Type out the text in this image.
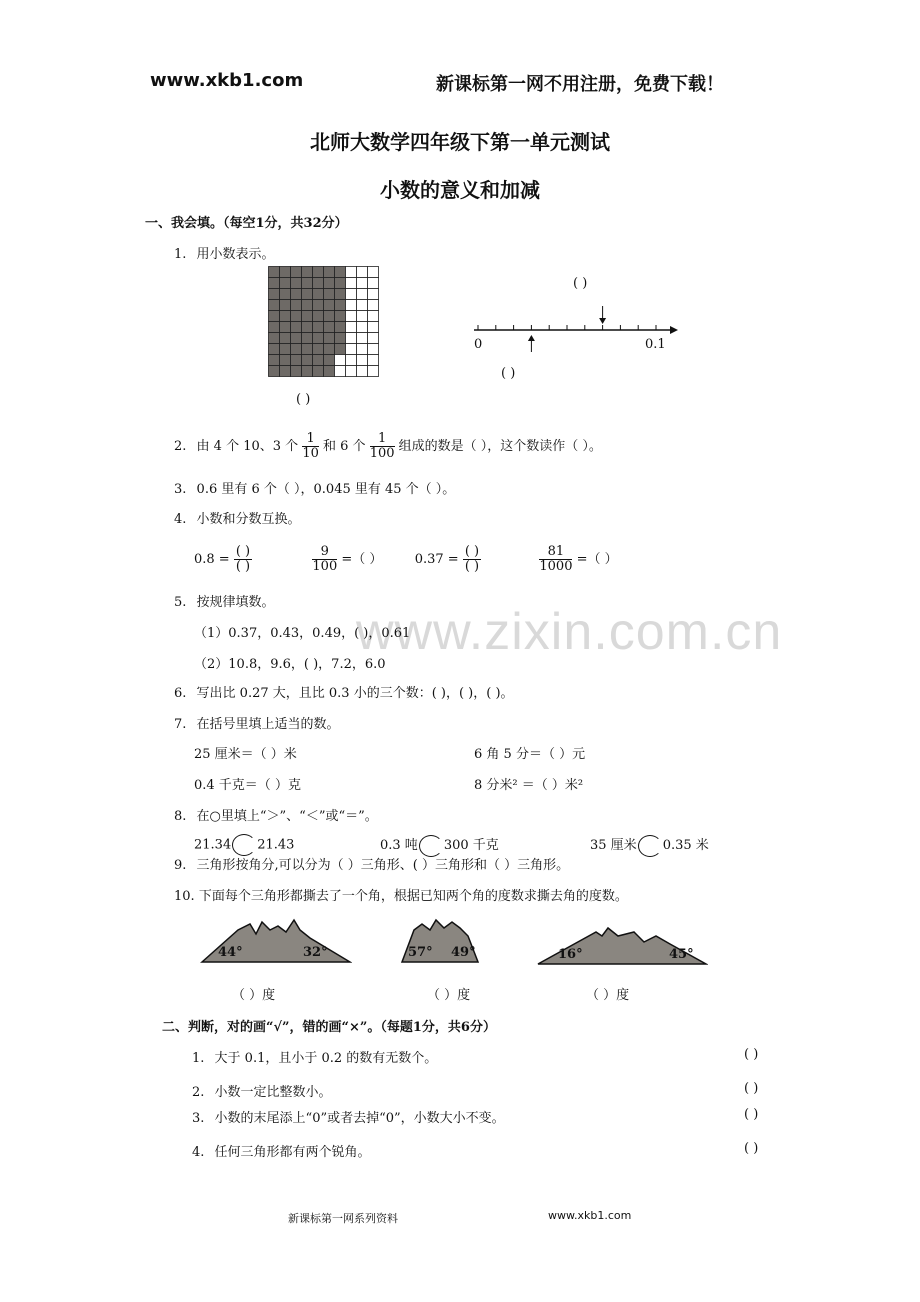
www.xkb1.com	新课标第一网不用注册，免费下载！
北师大数学四年级下第一单元测试
小数的意义和加减
www.zixin.com.cn
一、我会填。（每空1分，共32分）
1. 用小数表示。
( )
( )
0	0.1
( )
2. 由 4 个 10、3 个 $\frac{1}{10}$ 和 6 个 $\frac{1}{100}$ 组成的数是（ ），这个数读作（ ）。
3. 0.6 里有 6 个（ ），0.045 里有 45 个（ ）。
4. 小数和分数互换。
$0.8 = \frac{( )}{( )}$
	$\frac{9}{100}$ =（ ） $0.37 = \frac{( )}{( )}$
	$\frac{81}{1000}$ =（ ）
5. 按规律填数。
（1）0.37，0.43，0.49，( )，0.61
（2）10.8，9.6，( )，7.2，6.0
6. 写出比 0.27 大，且比 0.3 小的三个数：( )，( )，( )。
7. 在括号里填上适当的数。
25 厘米＝（ ）米	6 角 5 分＝（ ）元
0.4 千克＝（ ）克	8 分米² ＝（ ）米²
8. 在○里填上“＞”、“＜”或“＝”。
21.34 21.43	0.3 吨 300 千克	35 厘米 0.35 米
9. 三角形按角分,可以分为（ ）三角形、( ）三角形和（ ）三角形。
10. 下面每个三角形都撕去了一个角，根据已知两个角的度数求撕去角的度数。
44°	32°	57° 49°	16°	45°
（ ）度	（ ）度	（ ）度
二、判断，对的画“√”，错的画“×”。（每题1分，共6分）
1. 大于 0.1，且小于 0.2 的数有无数个。	( )
2. 小数一定比整数小。	( )
3. 小数的末尾添上“0”或者去掉“0”，小数大小不变。	( )
4. 任何三角形都有两个锐角。	( )
新课标第一网系列资料	www.xkb1.com
